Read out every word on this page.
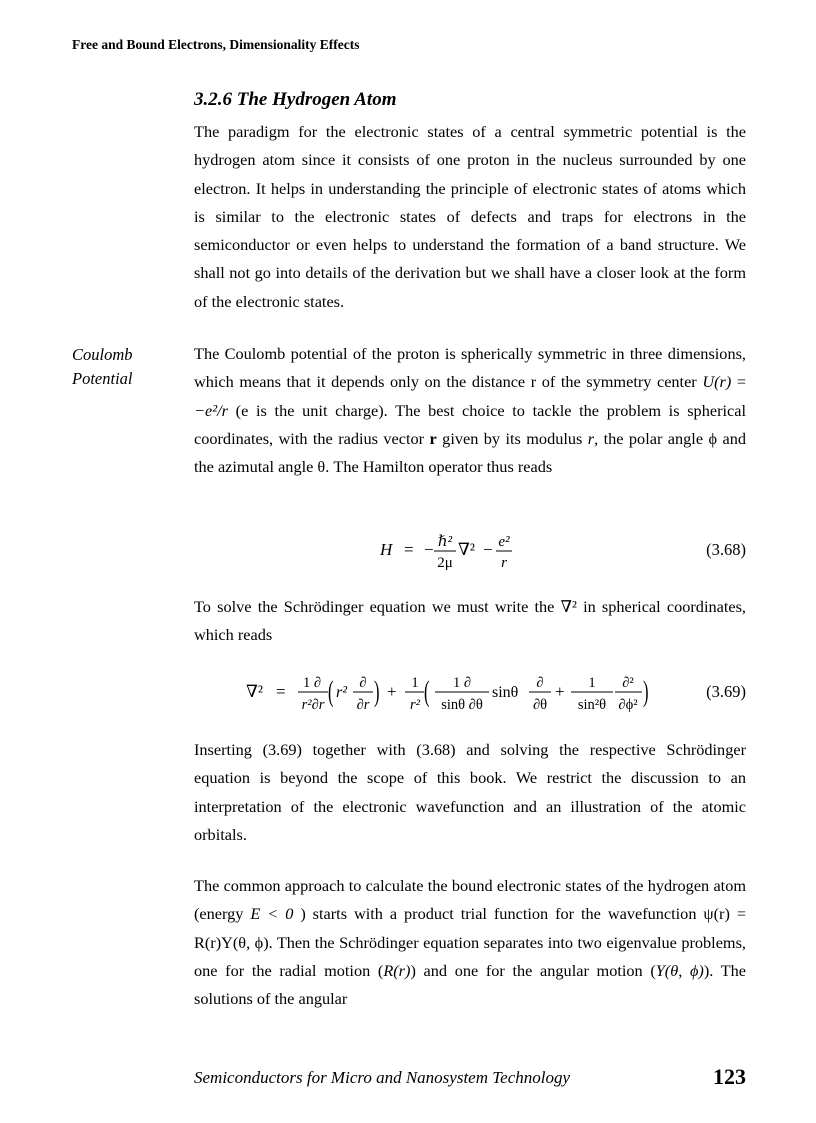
Free and Bound Electrons, Dimensionality Effects
3.2.6 The Hydrogen Atom

The paradigm for the electronic states of a central symmetric potential is the hydrogen atom since it consists of one proton in the nucleus surrounded by one electron. It helps in understanding the principle of electronic states of atoms which is similar to the electronic states of defects and traps for electrons in the semiconductor or even helps to understand the formation of a band structure. We shall not go into details of the derivation but we shall have a closer look at the form of the electronic states.

Coulomb
Potential

The Coulomb potential of the proton is spherically symmetric in three dimensions, which means that it depends only on the distance r of the symmetry center U(r) = −e²/r (e is the unit charge). The best choice to tackle the problem is spherical coordinates, with the radius vector r given by its modulus r, the polar angle ϕ and the azimutal angle θ. The Hamilton operator thus reads

H = − ℏ²
2μ
∇² − e²
r
(3.68)

To solve the Schrödinger equation we must write the ∇² in spherical coordinates, which reads

∇² = 1 ∂
r²∂r ( r²
∂
∂r ) + 1
r² ( 1 ∂
sinθ ∂θ
sinθ
∂
∂θ
+ 1
sin²θ
∂²
∂ϕ² )	(3.69)

Inserting (3.69) together with (3.68) and solving the respective Schrödinger equation is beyond the scope of this book. We restrict the discussion to an interpretation of the electronic wavefunction and an illustration of the atomic orbitals.

The common approach to calculate the bound electronic states of the hydrogen atom (energy E < 0 ) starts with a product trial function for the wavefunction ψ(r) = R(r)Y(θ, ϕ). Then the Schrödinger equation separates into two eigenvalue problems, one for the radial motion (R(r)) and one for the angular motion (Y(θ, ϕ)). The solutions of the angular

Semiconductors for Micro and Nanosystem Technology	123
